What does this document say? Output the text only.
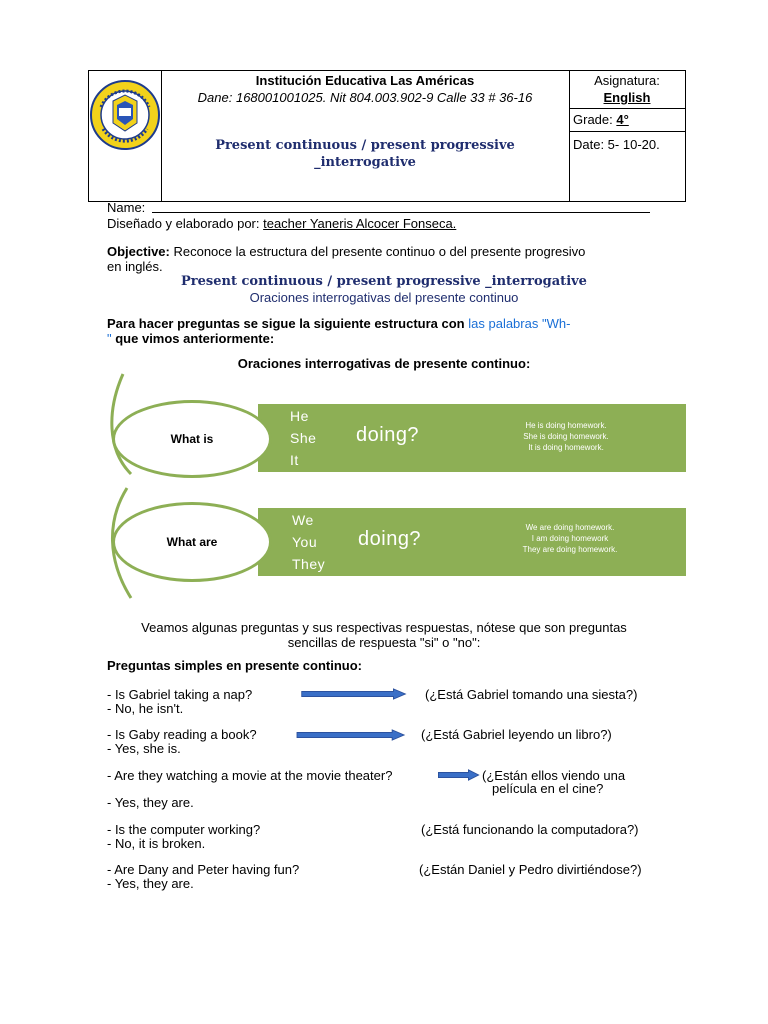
Institución Educativa Las Américas
Dane: 168001001025. Nit 804.003.902-9 Calle 33 # 36-16
Present continuous / present progressive
_interrogative
Asignatura:
English
Grade: 4°
Date: 5- 10-20.
Name:
Diseñado y elaborado por: teacher Yaneris Alcocer Fonseca.
Objective: Reconoce la estructura del presente continuo o del presente progresivo
en inglés.
Present continuous / present progressive _interrogative
Oraciones interrogativas del presente continuo
Para hacer preguntas se sigue la siguiente estructura con las palabras "Wh-
" que vimos anteriormente:
Oraciones interrogativas de presente continuo:
What is
He
She
It
doing?	He is doing homework.
She is doing homework.
It is doing homework.
What are
We
You
They
doing?
We are doing homework.
I am doing homework
They are doing homework.
Veamos algunas preguntas y sus respectivas respuestas, nótese que son preguntas
sencillas de respuesta "si" o "no":
Preguntas simples en presente continuo:
- Is Gabriel taking a nap?
- No, he isn't.
(¿Está Gabriel tomando una siesta?)
- Is Gaby reading a book?
- Yes, she is.
(¿Está Gabriel leyendo un libro?)
- Are they watching a movie at the movie theater?	(¿Están ellos viendo una
película en el cine?
- Yes, they are.
- Is the computer working?
- No, it is broken.
(¿Está funcionando la computadora?)
- Are Dany and Peter having fun?
- Yes, they are.
(¿Están Daniel y Pedro divirtiéndose?)
